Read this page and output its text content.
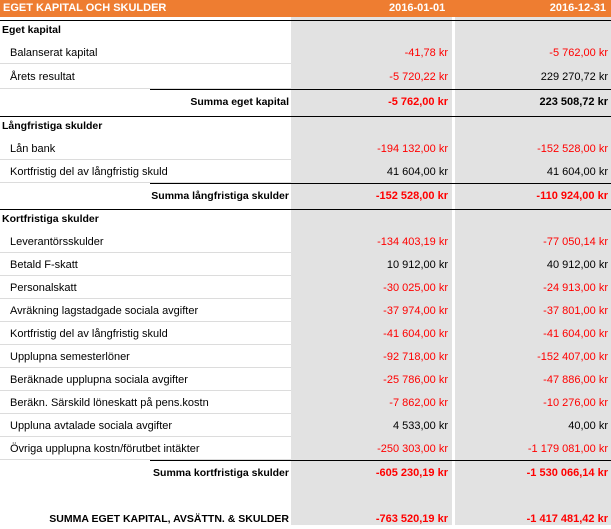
EGET KAPITAL OCH SKULDER	2016-01-01	2016-12-31
Eget kapital
Balanserat kapital	-41,78 kr	-5 762,00 kr
Årets resultat	-5 720,22 kr	229 270,72 kr
Summa eget kapital	-5 762,00 kr	223 508,72 kr
Långfristiga skulder
Lån bank	-194 132,00 kr	-152 528,00 kr
Kortfristig del av långfristig skuld	41 604,00 kr	41 604,00 kr
Summa långfristiga skulder	-152 528,00 kr	-110 924,00 kr
Kortfristiga skulder
Leverantörsskulder	-134 403,19 kr	-77 050,14 kr
Betald F-skatt	10 912,00 kr	40 912,00 kr
Personalskatt	-30 025,00 kr	-24 913,00 kr
Avräkning lagstadgade sociala avgifter	-37 974,00 kr	-37 801,00 kr
Kortfristig del av långfristig skuld	-41 604,00 kr	-41 604,00 kr
Upplupna semesterlöner	-92 718,00 kr	-152 407,00 kr
Beräknade upplupna sociala avgifter	-25 786,00 kr	-47 886,00 kr
Beräkn. Särskild löneskatt på pens.kostn	-7 862,00 kr	-10 276,00 kr
Uppluna avtalade sociala avgifter	4 533,00 kr	40,00 kr
Övriga upplupna kostn/förutbet intäkter	-250 303,00 kr	-1 179 081,00 kr
Summa kortfristiga skulder	-605 230,19 kr	-1 530 066,14 kr
SUMMA EGET KAPITAL, AVSÄTTN. & SKULDER	-763 520,19 kr	-1 417 481,42 kr
